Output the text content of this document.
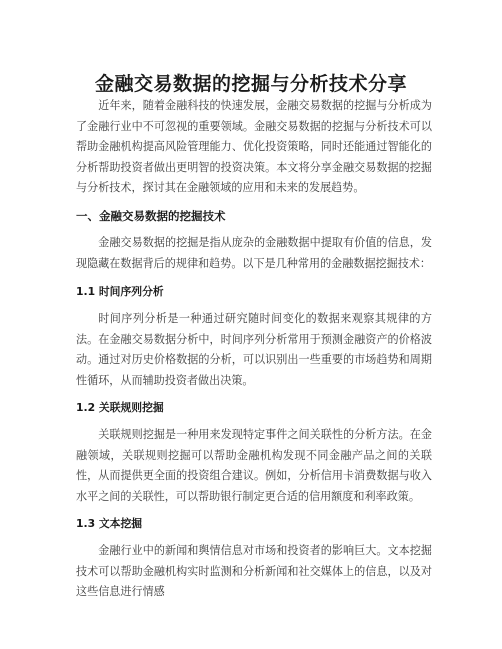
金融交易数据的挖掘与分析技术分享

近年来，随着金融科技的快速发展，金融交易数据的挖掘与分析成为了金融行业中不可忽视的重要领域。金融交易数据的挖掘与分析技术可以帮助金融机构提高风险管理能力、优化投资策略，同时还能通过智能化的分析帮助投资者做出更明智的投资决策。本文将分享金融交易数据的挖掘与分析技术，探讨其在金融领域的应用和未来的发展趋势。

一、金融交易数据的挖掘技术

金融交易数据的挖掘是指从庞杂的金融数据中提取有价值的信息，发现隐藏在数据背后的规律和趋势。以下是几种常用的金融数据挖掘技术：

1.1 时间序列分析

时间序列分析是一种通过研究随时间变化的数据来观察其规律的方法。在金融交易数据分析中，时间序列分析常用于预测金融资产的价格波动。通过对历史价格数据的分析，可以识别出一些重要的市场趋势和周期性循环，从而辅助投资者做出决策。

1.2 关联规则挖掘

关联规则挖掘是一种用来发现特定事件之间关联性的分析方法。在金融领域，关联规则挖掘可以帮助金融机构发现不同金融产品之间的关联性，从而提供更全面的投资组合建议。例如，分析信用卡消费数据与收入水平之间的关联性，可以帮助银行制定更合适的信用额度和利率政策。

1.3 文本挖掘

金融行业中的新闻和舆情信息对市场和投资者的影响巨大。文本挖掘技术可以帮助金融机构实时监测和分析新闻和社交媒体上的信息，以及对这些信息进行情感
